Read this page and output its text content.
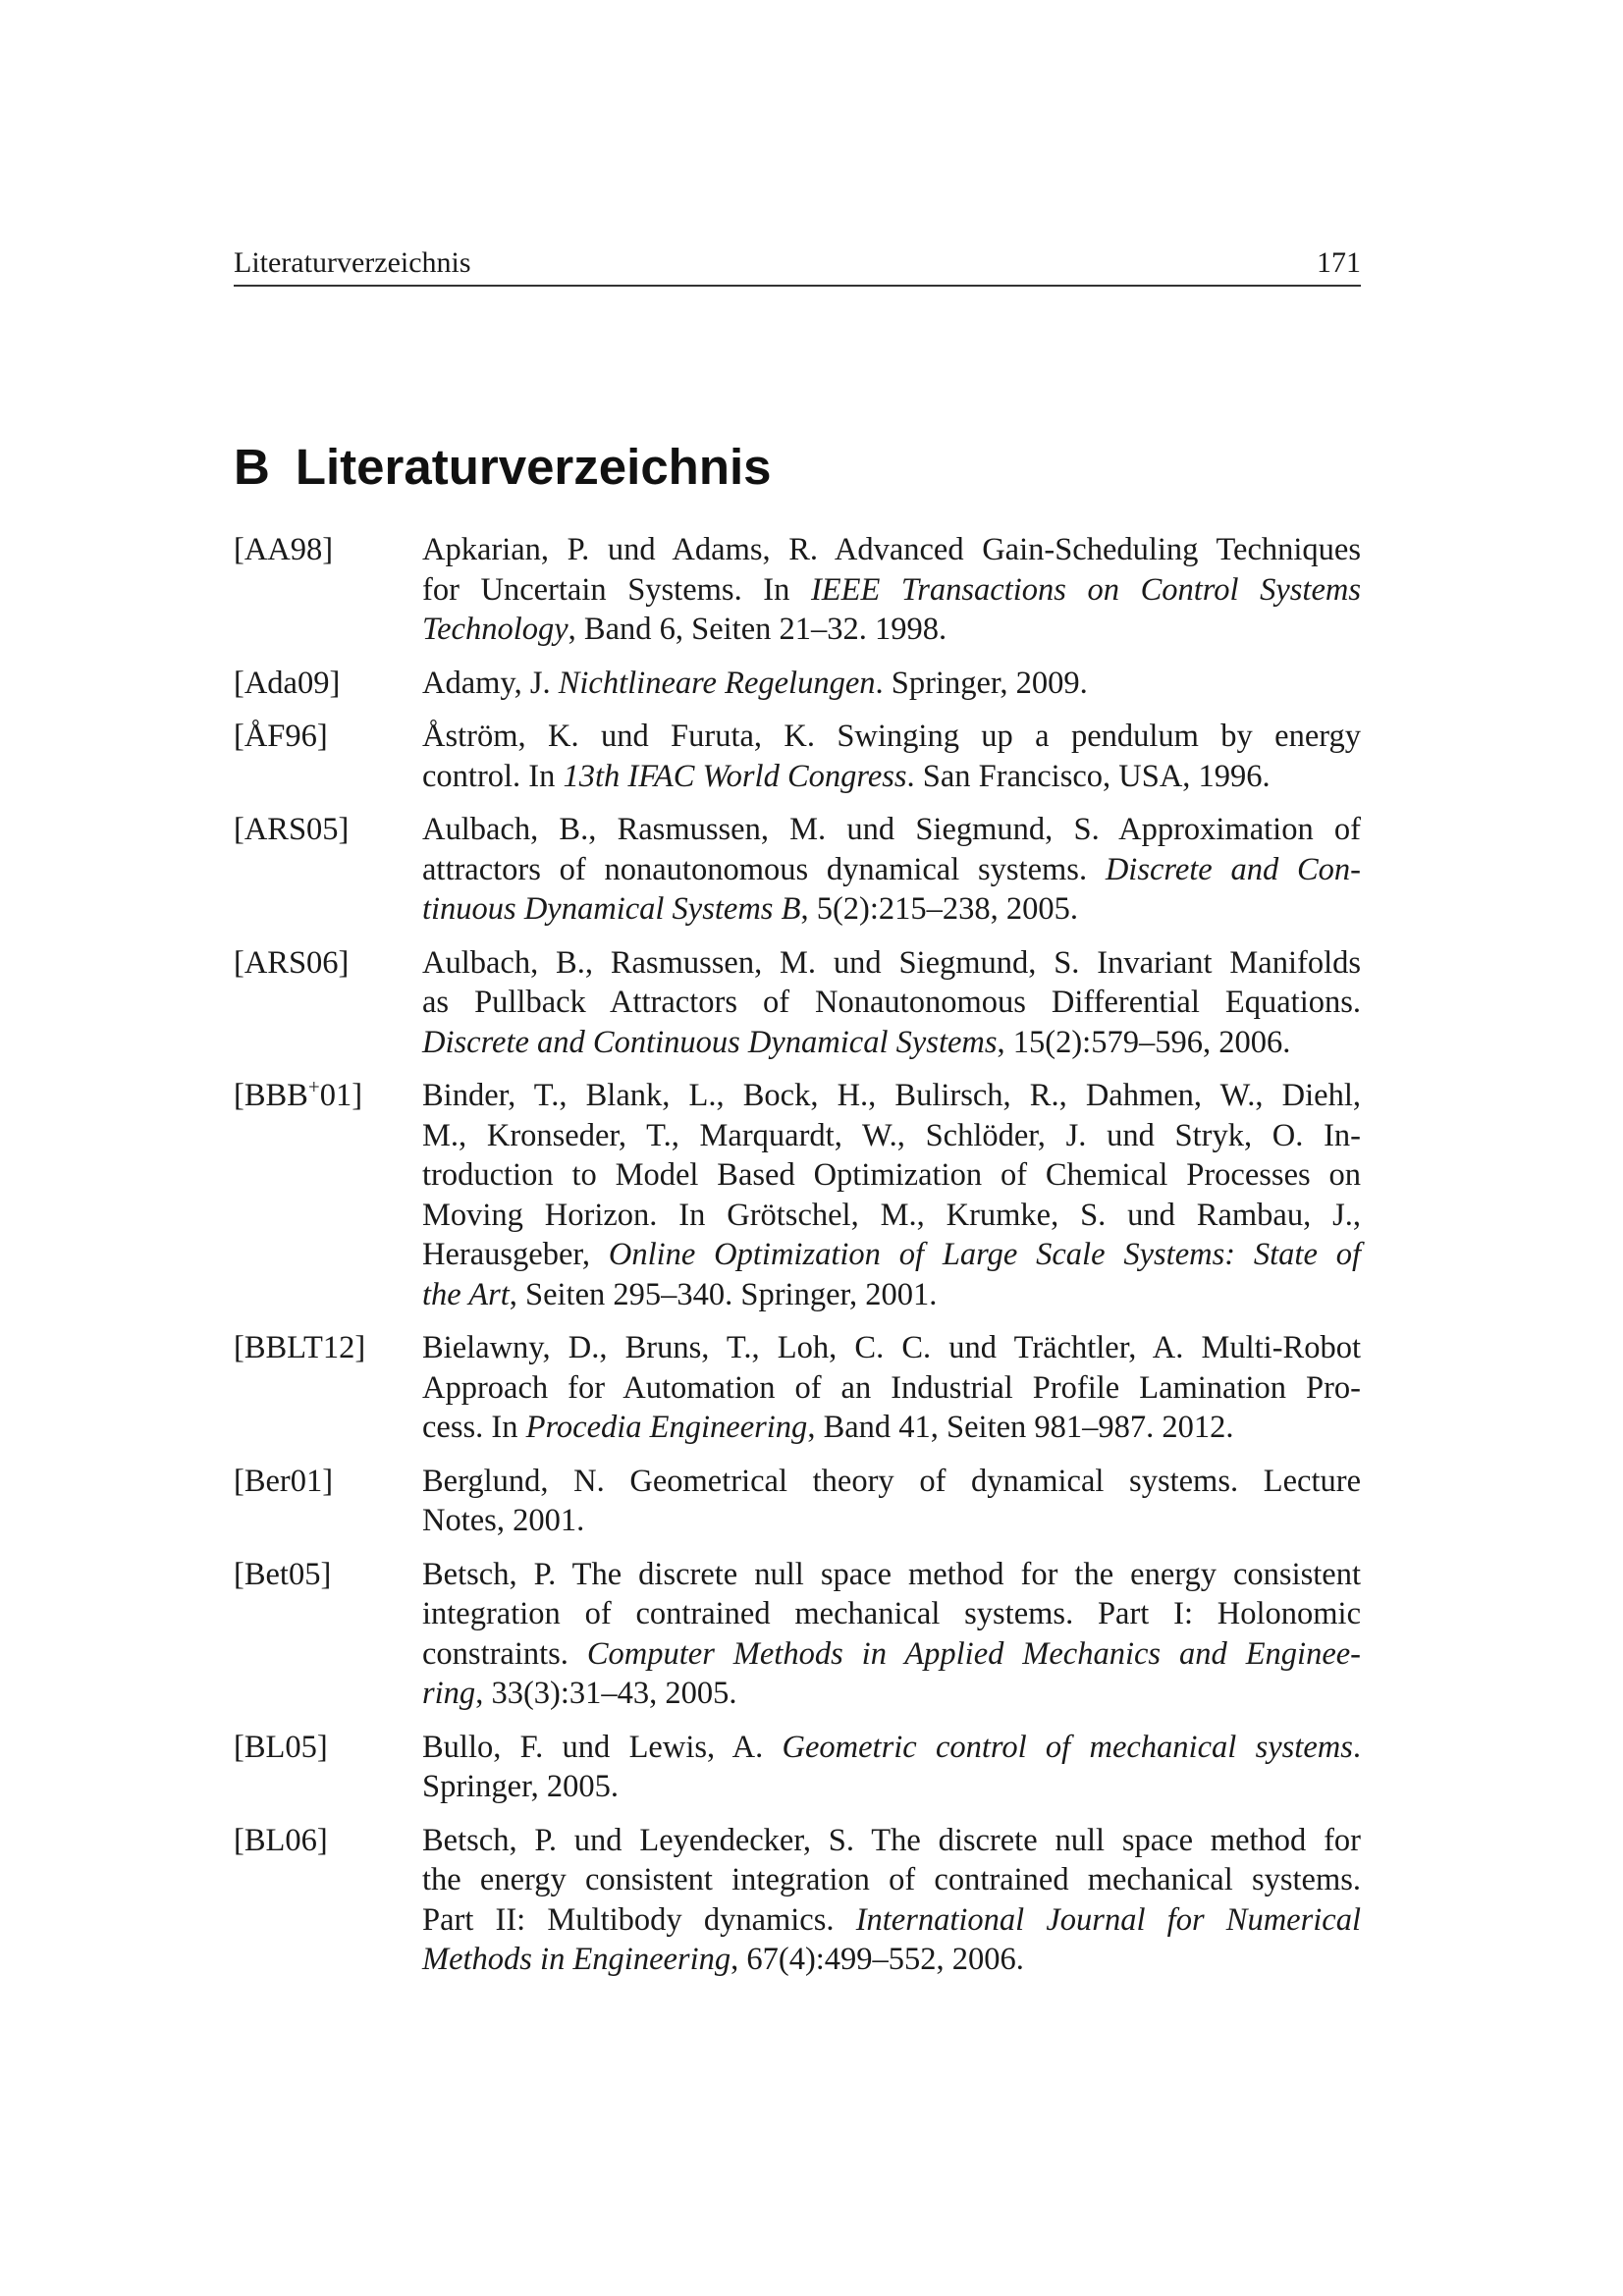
Literaturverzeichnis	171
B Literaturverzeichnis
[AA98]	Apkarian, P. und Adams, R. Advanced Gain-Scheduling Techniques
for Uncertain Systems. In IEEE Transactions on Control Systems
Technology, Band 6, Seiten 21–32. 1998.
[Ada09]	Adamy, J. Nichtlineare Regelungen. Springer, 2009.
[ÅF96]	Åström, K. und Furuta, K. Swinging up a pendulum by energy
control. In 13th IFAC World Congress. San Francisco, USA, 1996.
[ARS05] Aulbach, B., Rasmussen, M. und Siegmund, S. Approximation of
attractors of nonautonomous dynamical systems. Discrete and Con-
tinuous Dynamical Systems B, 5(2):215–238, 2005.
[ARS06] Aulbach, B., Rasmussen, M. und Siegmund, S. Invariant Manifolds
as Pullback Attractors of Nonautonomous Differential Equations.
Discrete and Continuous Dynamical Systems, 15(2):579–596, 2006.
[BBB+01] Binder, T., Blank, L., Bock, H., Bulirsch, R., Dahmen, W., Diehl,
M., Kronseder, T., Marquardt, W., Schlöder, J. und Stryk, O. In-
troduction to Model Based Optimization of Chemical Processes on
Moving Horizon. In Grötschel, M., Krumke, S. und Rambau, J.,
Herausgeber, Online Optimization of Large Scale Systems: State of
the Art, Seiten 295–340. Springer, 2001.
[BBLT12] Bielawny, D., Bruns, T., Loh, C. C. und Trächtler, A. Multi-Robot
Approach for Automation of an Industrial Profile Lamination Pro-
cess. In Procedia Engineering, Band 41, Seiten 981–987. 2012.
[Ber01]	Berglund, N. Geometrical theory of dynamical systems. Lecture
Notes, 2001.
[Bet05]	Betsch, P. The discrete null space method for the energy consistent
integration of contrained mechanical systems. Part I: Holonomic
constraints. Computer Methods in Applied Mechanics and Enginee-
ring, 33(3):31–43, 2005.
[BL05]	Bullo, F. und Lewis, A. Geometric control of mechanical systems.
Springer, 2005.
[BL06]	Betsch, P. und Leyendecker, S. The discrete null space method for
the energy consistent integration of contrained mechanical systems.
Part II: Multibody dynamics. International Journal for Numerical
Methods in Engineering, 67(4):499–552, 2006.
